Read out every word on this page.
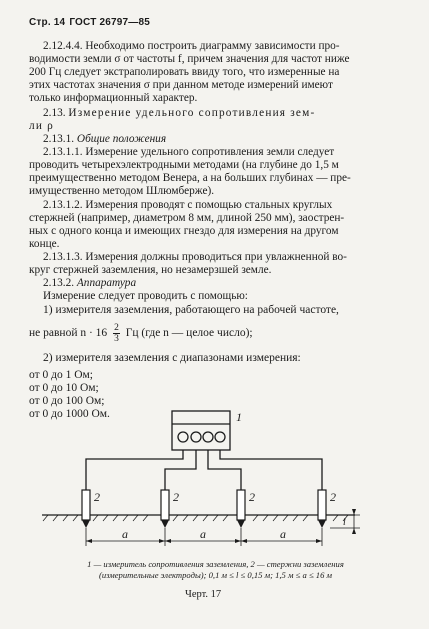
Стр. 14 ГОСТ 26797—85
2.12.4.4. Необходимо построить диаграмму зависимости про-
водимости земли σ от частоты f, причем значения для частот ниже
200 Гц следует экстраполировать ввиду того, что измеренные на
этих частотах значения σ при данном методе измерений имеют
только информационный характер.
2.13. Измерение удельного сопротивления зем-
ли ρ
2.13.1. Общие положения
2.13.1.1. Измерение удельного сопротивления земли следует
проводить четырехэлектродными методами (на глубине до 1,5 м
преимущественно методом Венера, а на больших глубинах — пре-
имущественно методом Шлюмберже).
2.13.1.2. Измерения проводят с помощью стальных круглых
стержней (например, диаметром 8 мм, длиной 250 мм), заострен-
ных с одного конца и имеющих гнездо для измерения на другом
конце.
2.13.1.3. Измерения должны проводиться при увлажненной во-
круг стержней заземления, но незамерзшей земле.
2.13.2. Аппаратура
Измерение следует проводить с помощью:
1) измерителя заземления, работающего на рабочей частоте,
не равной $n \cdot 16 \frac{2}{3}$ Гц (где n — целое число);
2) измерителя заземления с диапазонами измерения:
от 0 до 1 Ом;
от 0 до 10 Ом;
от 0 до 100 Ом;
от 0 до 1000 Ом.	1
2	2	2	2
a	a	a
l
1 — измеритель сопротивления заземления, 2 — стержни заземления
(измерительные электроды); 0,1 м ≤ l ≤ 0,15 м; 1,5 м ≤ a ≤ 16 м
Черт. 17
